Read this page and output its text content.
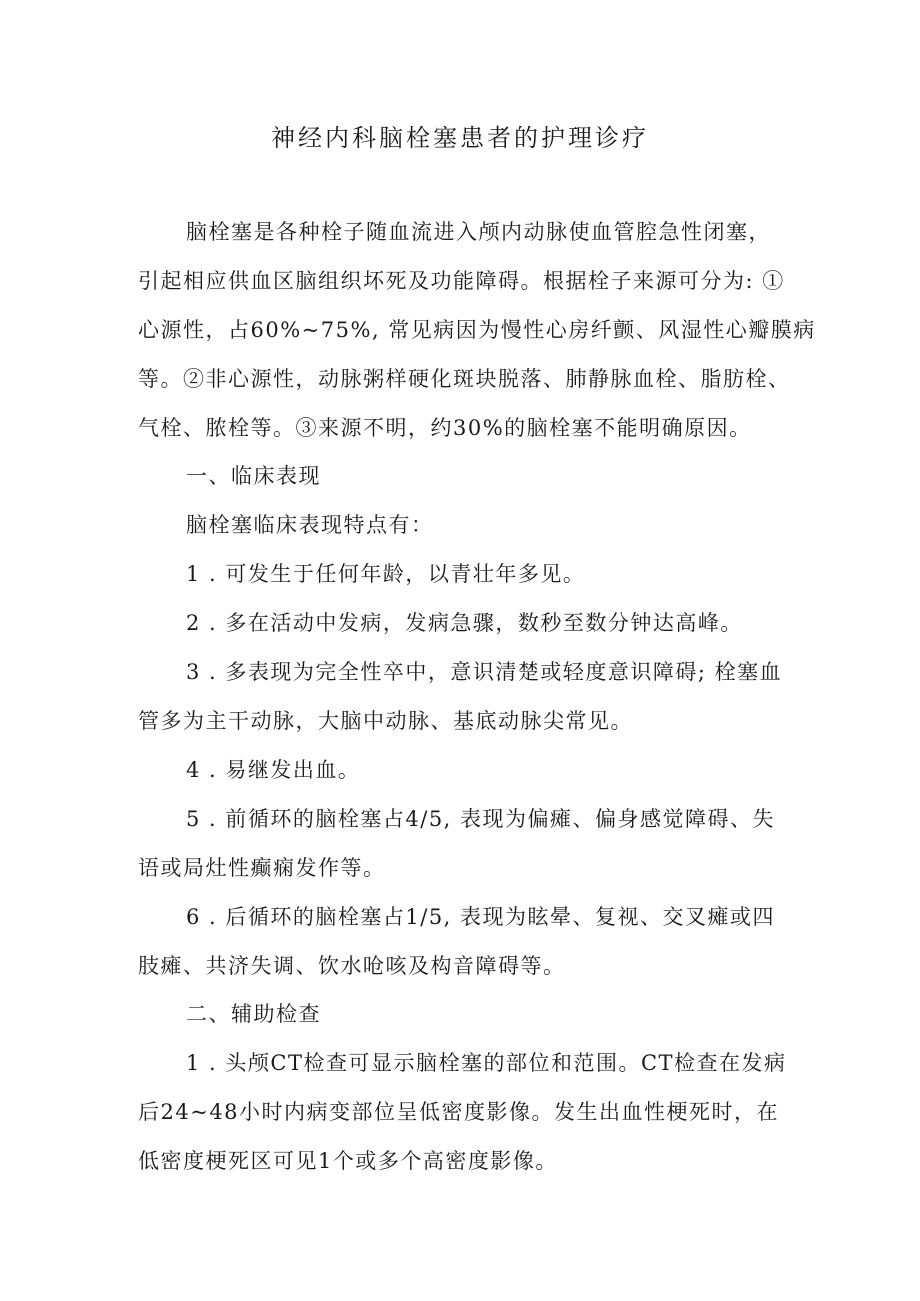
神经内科脑栓塞患者的护理诊疗
脑栓塞是各种栓子随血流进入颅内动脉使血管腔急性闭塞，
引起相应供血区脑组织坏死及功能障碍。根据栓子来源可分为: ①
心源性，占60%~75%, 常见病因为慢性心房纤颤、风湿性心瓣膜病
等。②非心源性，动脉粥样硬化斑块脱落、肺静脉血栓、脂肪栓、
气栓、脓栓等。③来源不明，约30%的脑栓塞不能明确原因。
一、临床表现
脑栓塞临床表现特点有：
1 . 可发生于任何年龄，以青壮年多见。
2 . 多在活动中发病，发病急骤，数秒至数分钟达高峰。
3 . 多表现为完全性卒中，意识清楚或轻度意识障碍; 栓塞血
管多为主干动脉，大脑中动脉、基底动脉尖常见。
4 . 易继发出血。
5 . 前循环的脑栓塞占4/5, 表现为偏瘫、偏身感觉障碍、失
语或局灶性癫痫发作等。
6 . 后循环的脑栓塞占1/5, 表现为眩晕、复视、交叉瘫或四
肢瘫、共济失调、饮水呛咳及构音障碍等。
二、辅助检查
1 . 头颅CT检查可显示脑栓塞的部位和范围。CT检查在发病
后24~48小时内病变部位呈低密度影像。发生出血性梗死时，在
低密度梗死区可见1个或多个高密度影像。
